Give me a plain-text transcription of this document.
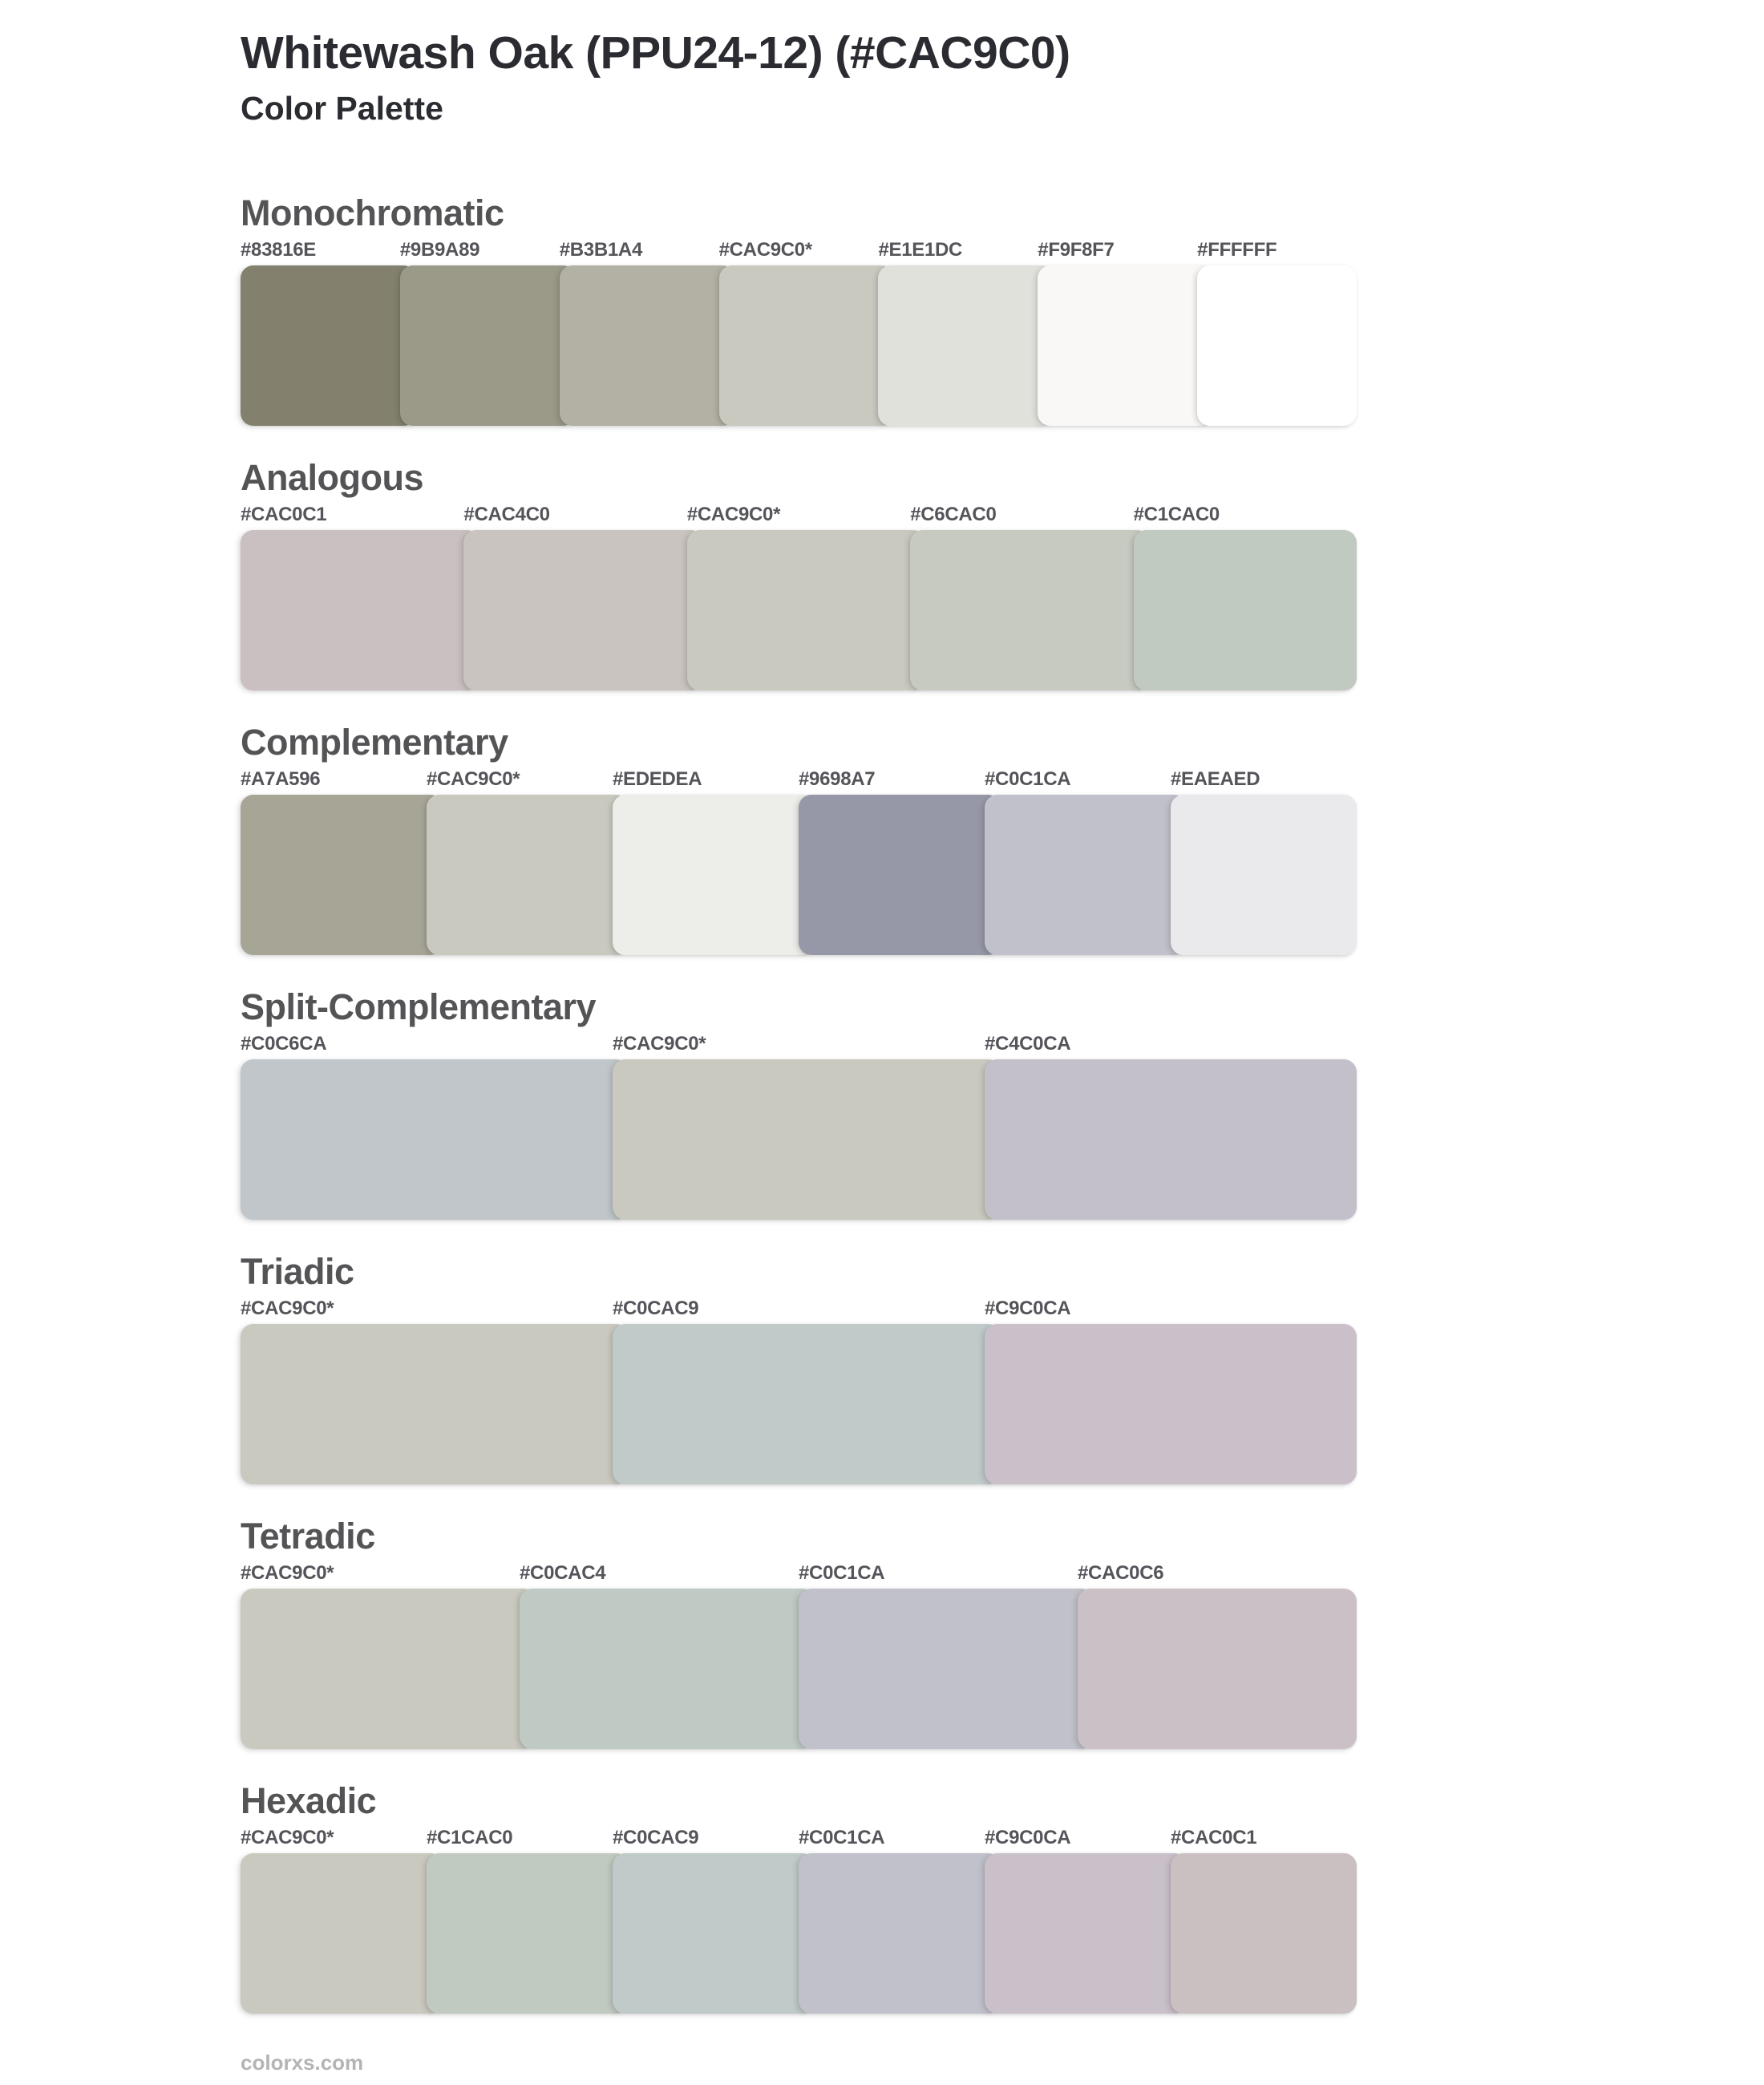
Whitewash Oak (PPU24-12) (#CAC9C0)
Color Palette
Monochromatic
#83816E	#9B9A89	#B3B1A4	#CAC9C0*	#E1E1DC	#F9F8F7	#FFFFFF
Analogous
#CAC0C1	#CAC4C0	#CAC9C0*	#C6CAC0	#C1CAC0
Complementary
#A7A596	#CAC9C0*	#EDEDEA	#9698A7	#C0C1CA	#EAEAED
Split-Complementary
#C0C6CA	#CAC9C0*	#C4C0CA
Triadic
#CAC9C0*	#C0CAC9	#C9C0CA
Tetradic
#CAC9C0*	#C0CAC4	#C0C1CA	#CAC0C6
Hexadic
#CAC9C0*	#C1CAC0	#C0CAC9	#C0C1CA	#C9C0CA	#CAC0C1
colorxs.com
